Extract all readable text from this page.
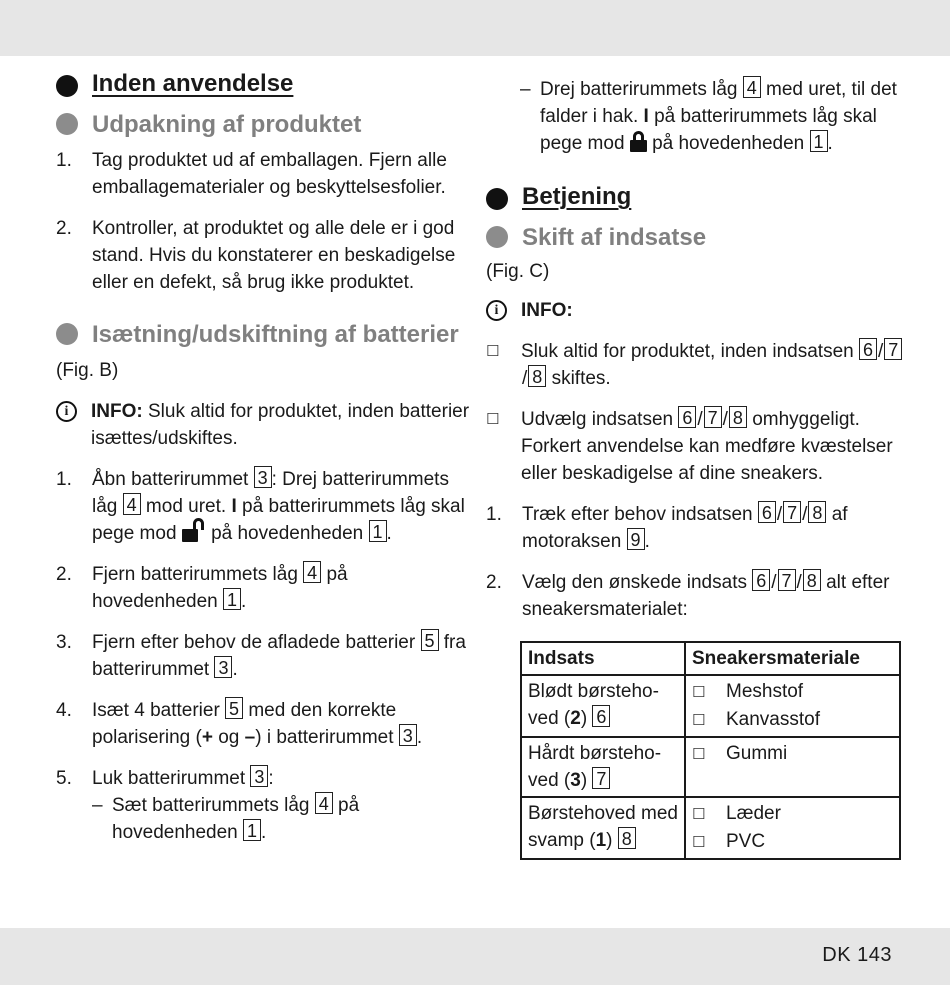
Inden anvendelse
Udpakning af produktet
1.	Tag produktet ud af emballagen. Fjern alle emballagematerialer og beskyttelsesfolier.
2.	Kontroller, at produktet og alle dele er i god stand. Hvis du konstaterer en beskadigelse eller en defekt, så brug ikke produktet.
Isætning/udskiftning af batterier
(Fig. B)
i	INFO: Sluk altid for produktet, inden batterier isættes/udskiftes.
1.	Åbn batterirummet 3 : Drej batterirummets låg 4 mod uret. I på batterirummets låg skal pege mod på hovedenheden 1 .
2.	Fjern batterirummets låg 4 på hovedenheden 1 .
3.	Fjern efter behov de afladede batterier 5 fra batterirummet 3 .
4.	Isæt 4 batterier 5 med den korrekte polarisering (+ og –) i batterirummet 3 .
5.	Luk batterirummet 3 :
– Sæt batterirummets låg 4 på hovedenheden 1 .
– Drej batterirummets låg 4 med uret, til det falder i hak. I på batterirummets låg skal pege mod på hovedenheden 1 .
Betjening
Skift af indsatse
(Fig. C)
i	INFO:
☐	Sluk altid for produktet, inden indsatsen 6 / 7/ 8 skiftes.
☐	Udvælg indsatsen 6 / 7 / 8 omhyggeligt. Forkert anvendelse kan medføre kvæstelser eller beskadigelse af dine sneakers.
1.	Træk efter behov indsatsen 6 / 7 / 8 af motoraksen 9 .
2.	Vælg den ønskede indsats 6 / 7 / 8 alt efter sneakersmaterialet:
Indsats	Sneakersmateriale
Blødt børsteho-
ved (2) 6	☐ Meshstof
☐ Kanvasstof
Hårdt børsteho-
ved (3) 7	☐ Gummi
Børstehoved med
svamp (1) 8	☐ Læder
☐ PVC
DK 143
